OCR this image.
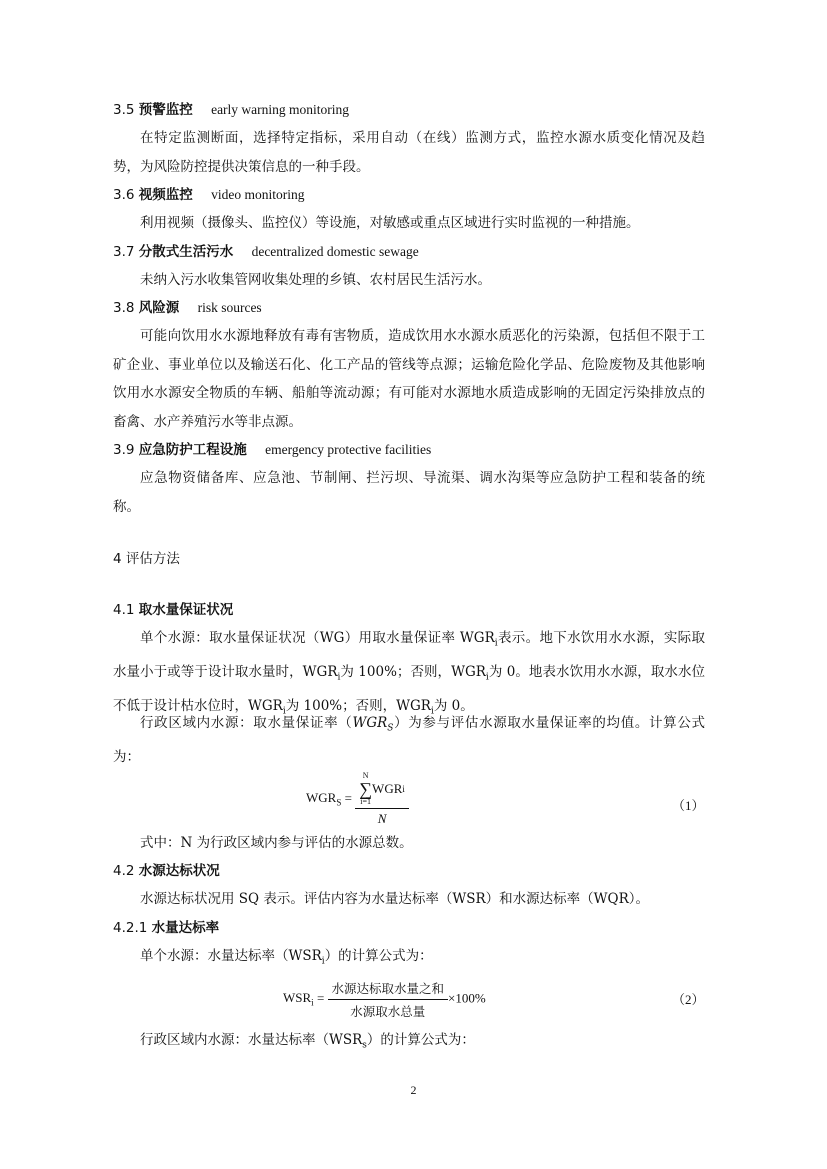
3.5 预警监控 early warning monitoring
在特定监测断面，选择特定指标，采用自动（在线）监测方式，监控水源水质变化情况及趋势，为风险防控提供决策信息的一种手段。
3.6 视频监控 video monitoring
利用视频（摄像头、监控仪）等设施，对敏感或重点区域进行实时监视的一种措施。
3.7 分散式生活污水 decentralized domestic sewage
未纳入污水收集管网收集处理的乡镇、农村居民生活污水。
3.8 风险源 risk sources
可能向饮用水水源地释放有毒有害物质，造成饮用水水源水质恶化的污染源，包括但不限于工矿企业、事业单位以及输送石化、化工产品的管线等点源；运输危险化学品、危险废物及其他影响饮用水水源安全物质的车辆、船舶等流动源；有可能对水源地水质造成影响的无固定污染排放点的畜禽、水产养殖污水等非点源。
3.9 应急防护工程设施 emergency protective facilities
应急物资储备库、应急池、节制闸、拦污坝、导流渠、调水沟渠等应急防护工程和装备的统称。
4 评估方法
4.1 取水量保证状况
单个水源：取水量保证状况（WG）用取水量保证率 $WGR_i$表示。地下水饮用水水源，实际取水量小于或等于设计取水量时，$WGR_i$为 100%；否则，$WGR_i$为 0。地表水饮用水水源，取水水位不低于设计枯水位时，$WGR_i$为 100%；否则，$WGR_i$为 0。
行政区域内水源：取水量保证率$(WGR_S)$为参与评估水源取水量保证率的均值。计算公式为：
$WGR_S = N$
∑
i=1
WGR i
N	（1）
式中：N 为行政区域内参与评估的水源总数。
4.2 水源达标状况
水源达标状况用 SQ 表示。评估内容为水量达标率（WSR）和水源达标率（WQR）。
4.2.1 水量达标率
单个水源：水量达标率$(WSR_i)$的计算公式为：
$WSR_i = \frac{\text{水源达标取水量之和}}{\text{水源取水总量}} \times 100\%$	（2）
行政区域内水源：水量达标率$(WSR_s)$的计算公式为：
2
